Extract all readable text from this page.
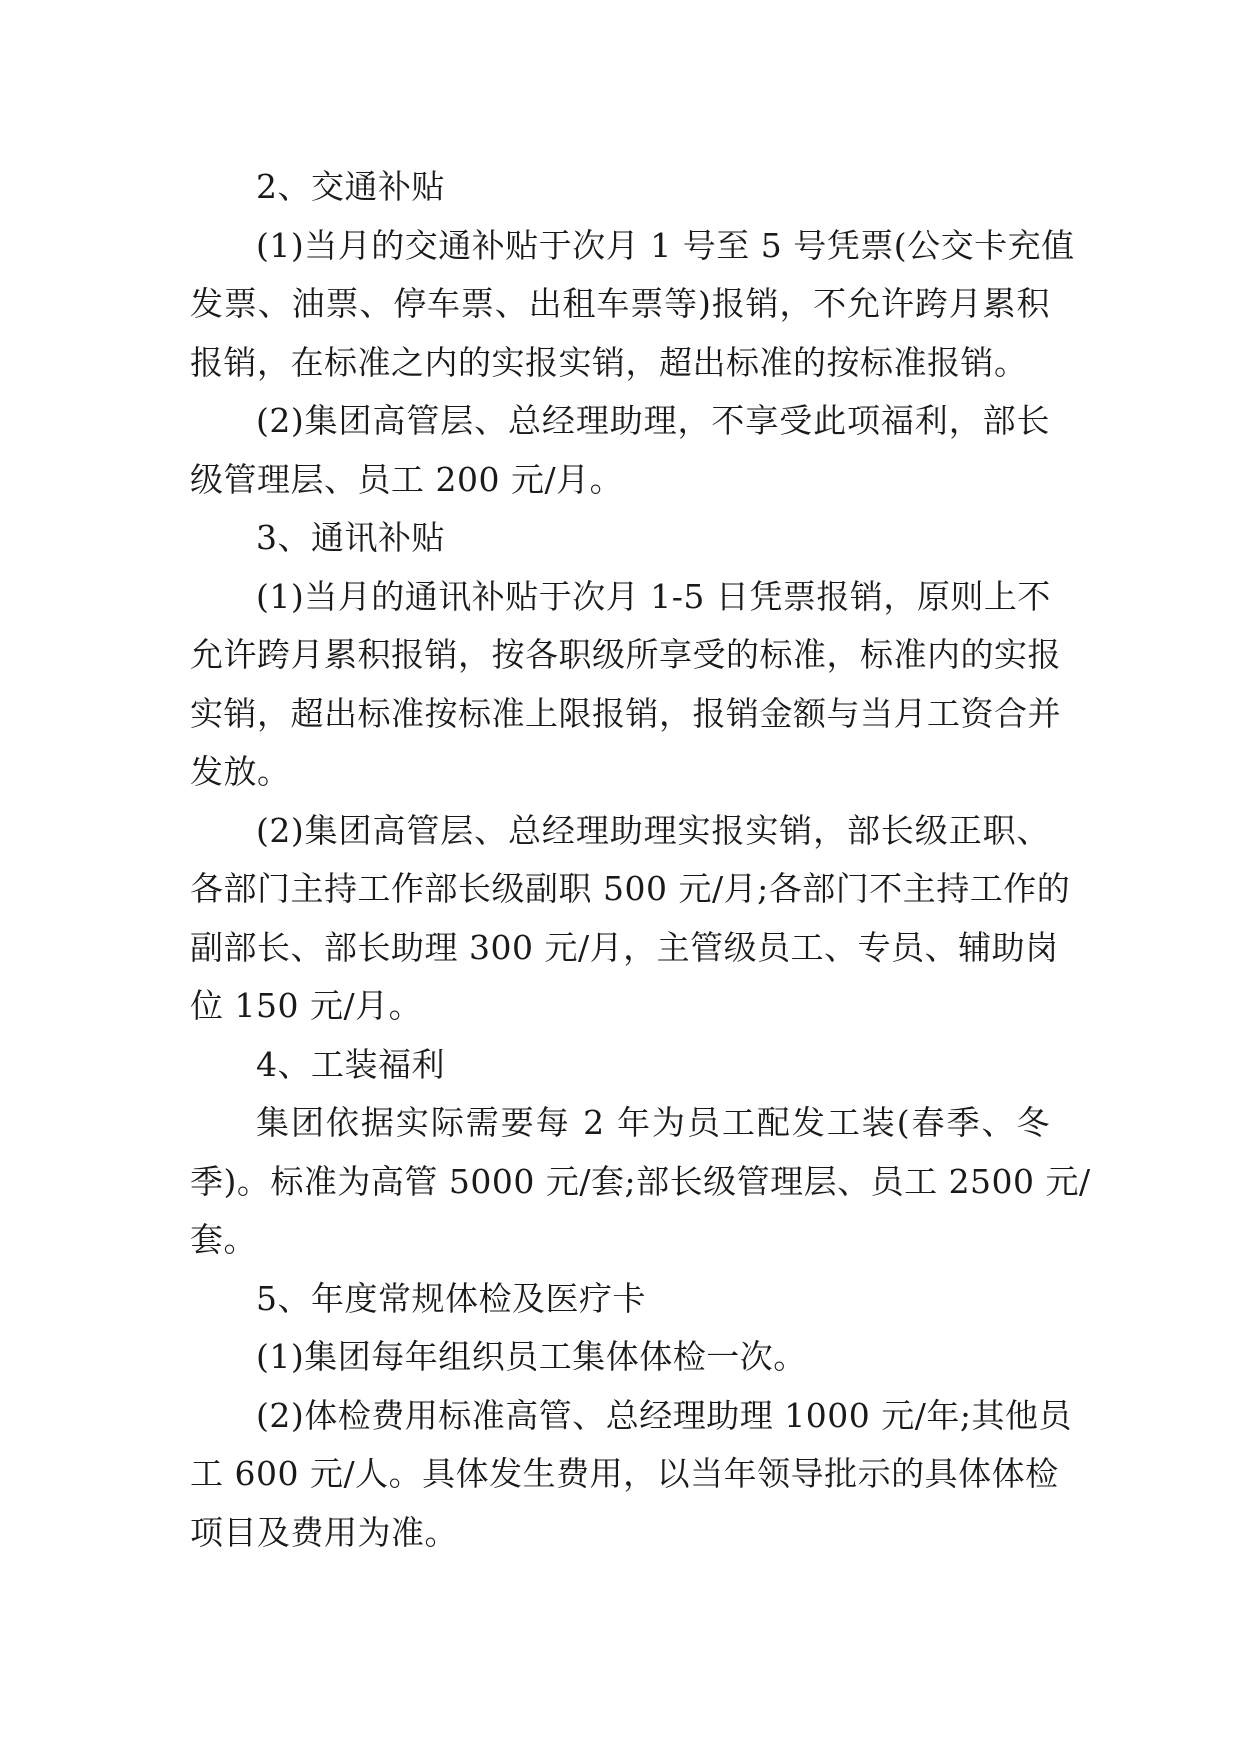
2、交通补贴
(1)当月的交通补贴于次月 1 号至 5 号凭票(公交卡充值
发票、油票、停车票、出租车票等)报销，不允许跨月累积
报销，在标准之内的实报实销，超出标准的按标准报销。
(2)集团高管层、总经理助理，不享受此项福利，部长
级管理层、员工 200 元/月。
3、通讯补贴
(1)当月的通讯补贴于次月 1-5 日凭票报销，原则上不
允许跨月累积报销，按各职级所享受的标准，标准内的实报
实销，超出标准按标准上限报销，报销金额与当月工资合并
发放。
(2)集团高管层、总经理助理实报实销，部长级正职、
各部门主持工作部长级副职 500 元/月;各部门不主持工作的
副部长、部长助理 300 元/月，主管级员工、专员、辅助岗
位 150 元/月。
4、工装福利
集团依据实际需要每 2 年为员工配发工装(春季、冬
季)。标准为高管 5000 元/套;部长级管理层、员工 2500 元/
套。
5、年度常规体检及医疗卡
(1)集团每年组织员工集体体检一次。
(2)体检费用标准高管、总经理助理 1000 元/年;其他员
工 600 元/人。具体发生费用，以当年领导批示的具体体检
项目及费用为准。
